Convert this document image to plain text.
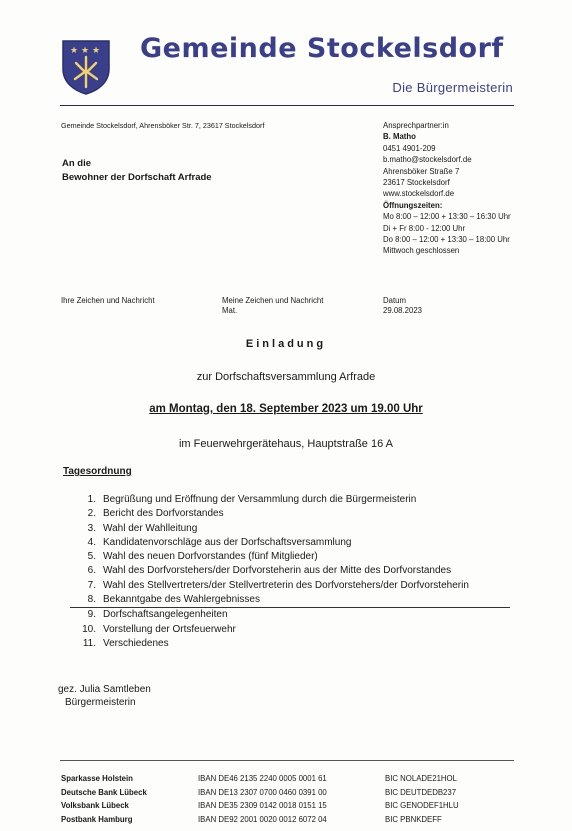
★ ★ ★ Gemeinde Stockelsdorf
Die Bürgermeisterin
Gemeinde Stockelsdorf, Ahrensböker Str. 7, 23617 Stockelsdorf
An die
Bewohner der Dorfschaft Arfrade
Ansprechpartner:in
B. Matho
0451 4901-209
b.matho@stockelsdorf.de
Ahrensböker Straße 7
23617 Stockelsdorf
www.stockelsdorf.de
Öffnungszeiten:
Mo 8:00 – 12:00 + 13:30 – 16:30 Uhr
Di + Fr 8:00 - 12:00 Uhr
Do 8:00 – 12:00 + 13:30 – 18:00 Uhr
Mittwoch geschlossen
Ihre Zeichen und Nachricht	Meine Zeichen und Nachricht
Mat.
Datum
29.08.2023
Einladung
zur Dorfschaftsversammlung Arfrade
am Montag, den 18. September 2023 um 19.00 Uhr
im Feuerwehrgerätehaus, Hauptstraße 16 A
Tagesordnung
1. Begrüßung und Eröffnung der Versammlung durch die Bürgermeisterin
2. Bericht des Dorfvorstandes
3. Wahl der Wahlleitung
4. Kandidatenvorschläge aus der Dorfschaftsversammlung
5. Wahl des neuen Dorfvorstandes (fünf Mitglieder)
6. Wahl des Dorfvorstehers/der Dorfvorsteherin aus der Mitte des Dorfvorstandes
7. Wahl des Stellvertreters/der Stellvertreterin des Dorfvorstehers/der Dorfvorsteherin
8. Bekanntgabe des Wahlergebnisses
9. Dorfschaftsangelegenheiten
10. Vorstellung der Ortsfeuerwehr
11. Verschiedenes
gez. Julia Samtleben
Bürgermeisterin
Sparkasse Holstein
Deutsche Bank Lübeck
Volksbank Lübeck
Postbank Hamburg
IBAN DE46 2135 2240 0005 0001 61
IBAN DE13 2307 0700 0460 0391 00
IBAN DE35 2309 0142 0018 0151 15
IBAN DE92 2001 0020 0012 6072 04
BIC NOLADE21HOL
BIC DEUTDEDB237
BIC GENODEF1HLU
BIC PBNKDEFF
